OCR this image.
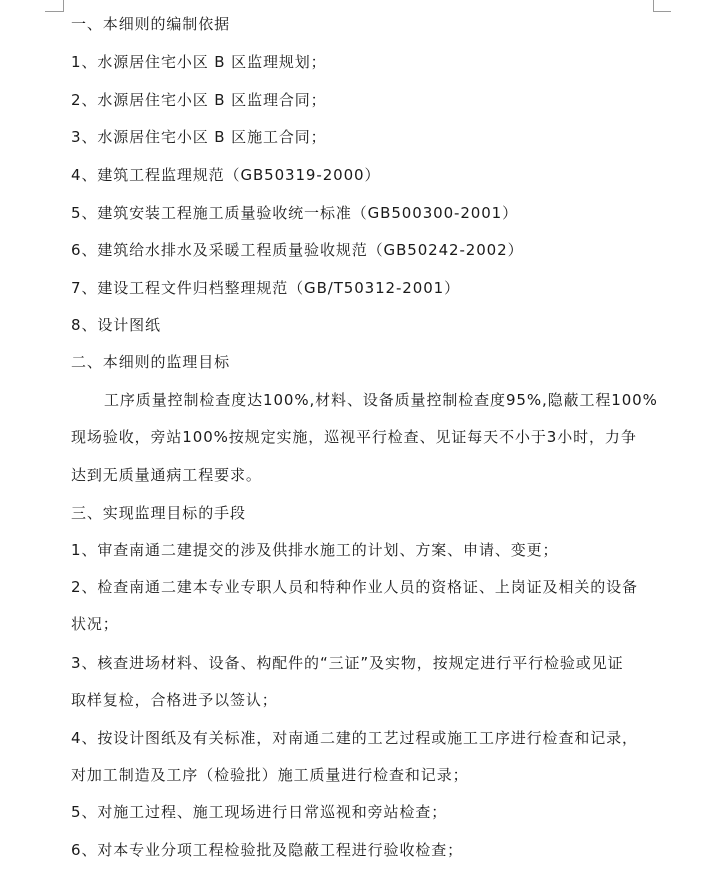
一、本细则的编制依据
1、水源居住宅小区 B 区监理规划；
2、水源居住宅小区 B 区监理合同；
3、水源居住宅小区 B 区施工合同；
4、建筑工程监理规范（GB50319-2000）
5、建筑安装工程施工质量验收统一标准（GB500300-2001）
6、建筑给水排水及采暖工程质量验收规范（GB50242-2002）
7、建设工程文件归档整理规范（GB/T50312-2001）
8、设计图纸
二、本细则的监理目标
工序质量控制检查度达100%,材料、设备质量控制检查度95%,隐蔽工程100%
现场验收，旁站100%按规定实施，巡视平行检查、见证每天不小于3小时，力争
达到无质量通病工程要求。
三、实现监理目标的手段
1、审查南通二建提交的涉及供排水施工的计划、方案、申请、变更；
2、检查南通二建本专业专职人员和特种作业人员的资格证、上岗证及相关的设备
状况；
3、核查进场材料、设备、构配件的“三证”及实物，按规定进行平行检验或见证
取样复检，合格进予以签认；
4、按设计图纸及有关标准，对南通二建的工艺过程或施工工序进行检查和记录，
对加工制造及工序（检验批）施工质量进行检查和记录；
5、对施工过程、施工现场进行日常巡视和旁站检查；
6、对本专业分项工程检验批及隐蔽工程进行验收检查；
